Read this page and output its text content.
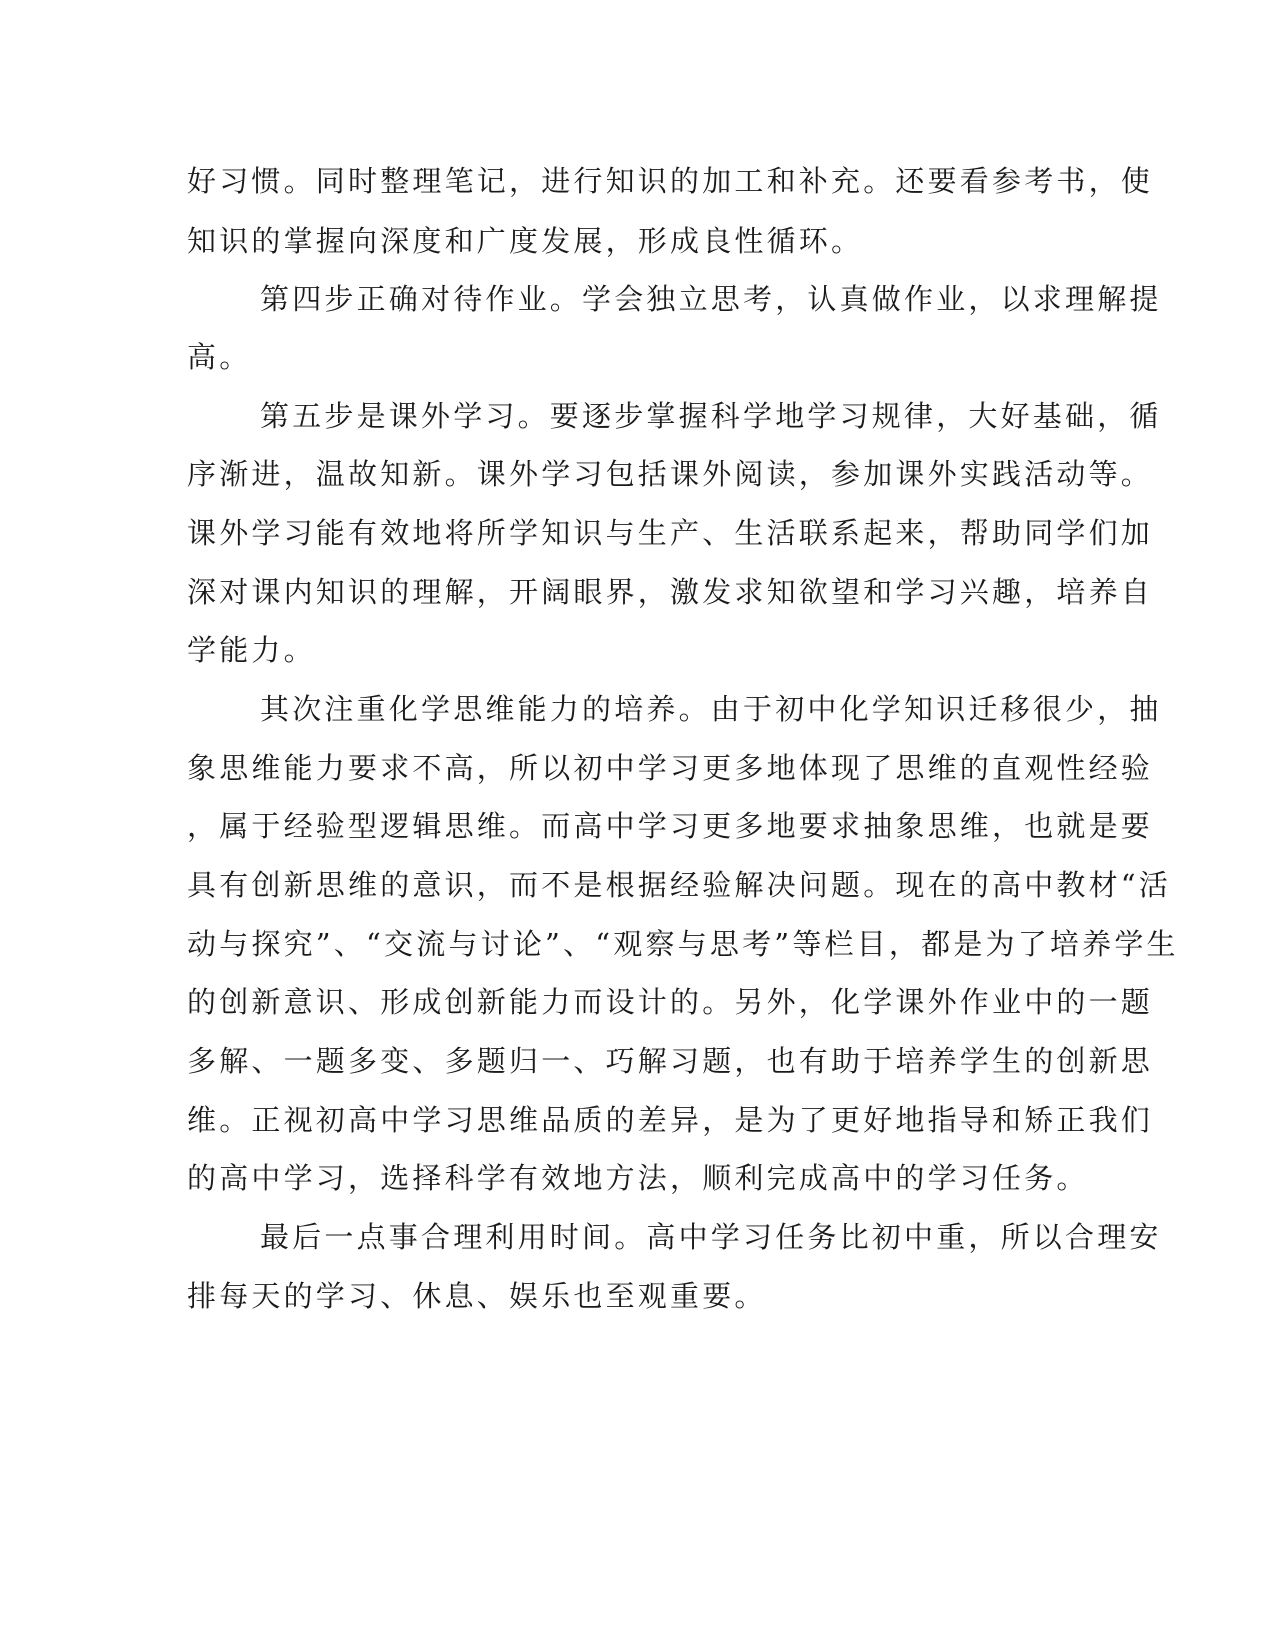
好习惯。同时整理笔记，进行知识的加工和补充。还要看参考书，使
知识的掌握向深度和广度发展，形成良性循环。
第四步正确对待作业。学会独立思考，认真做作业，以求理解提
高。
第五步是课外学习。要逐步掌握科学地学习规律，大好基础，循
序渐进，温故知新。课外学习包括课外阅读，参加课外实践活动等。
课外学习能有效地将所学知识与生产、生活联系起来，帮助同学们加
深对课内知识的理解，开阔眼界，激发求知欲望和学习兴趣，培养自
学能力。
其次注重化学思维能力的培养。由于初中化学知识迁移很少，抽
象思维能力要求不高，所以初中学习更多地体现了思维的直观性经验
，属于经验型逻辑思维。而高中学习更多地要求抽象思维，也就是要
具有创新思维的意识，而不是根据经验解决问题。现在的高中教材“活
动与探究”、“交流与讨论”、“观察与思考”等栏目，都是为了培养学生
的创新意识、形成创新能力而设计的。另外，化学课外作业中的一题
多解、一题多变、多题归一、巧解习题，也有助于培养学生的创新思
维。正视初高中学习思维品质的差异，是为了更好地指导和矫正我们
的高中学习，选择科学有效地方法，顺利完成高中的学习任务。
最后一点事合理利用时间。高中学习任务比初中重，所以合理安
排每天的学习、休息、娱乐也至观重要。
